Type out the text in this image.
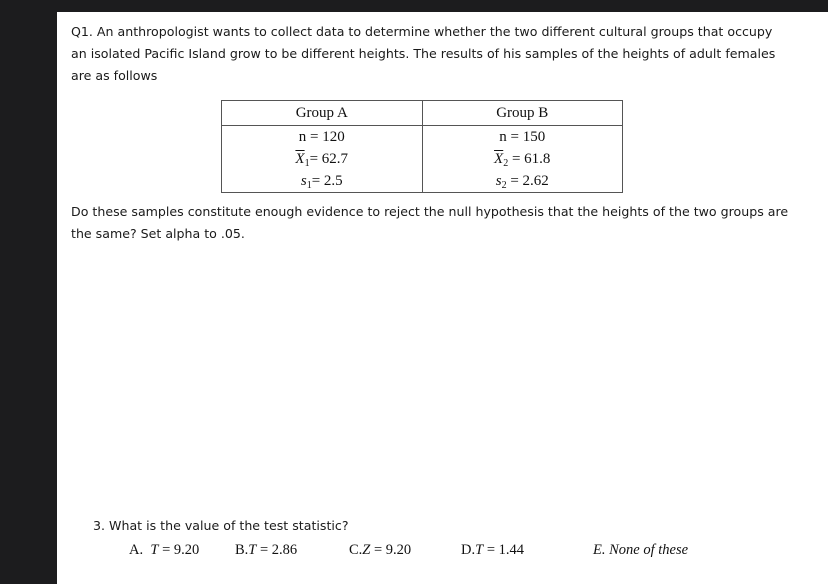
Q1. An anthropologist wants to collect data to determine whether the two different cultural groups that occupy an isolated Pacific Island grow to be different heights. The results of his samples of the heights of adult females are as follows
Group A	Group B
n = 120	n = 150
$\overline{X}_1= 62.7$	$\overline{X}_2 = 61.8$
$s_1= 2.5$	$s_2 = 2.62$
Do these samples constitute enough evidence to reject the null hypothesis that the heights of the two groups are the same? Set alpha to .05.
3. What is the value of the test statistic?
A. T = 9.20 B.T = 2.86	C.Z = 9.20	D.T = 1.44	E. None of these
